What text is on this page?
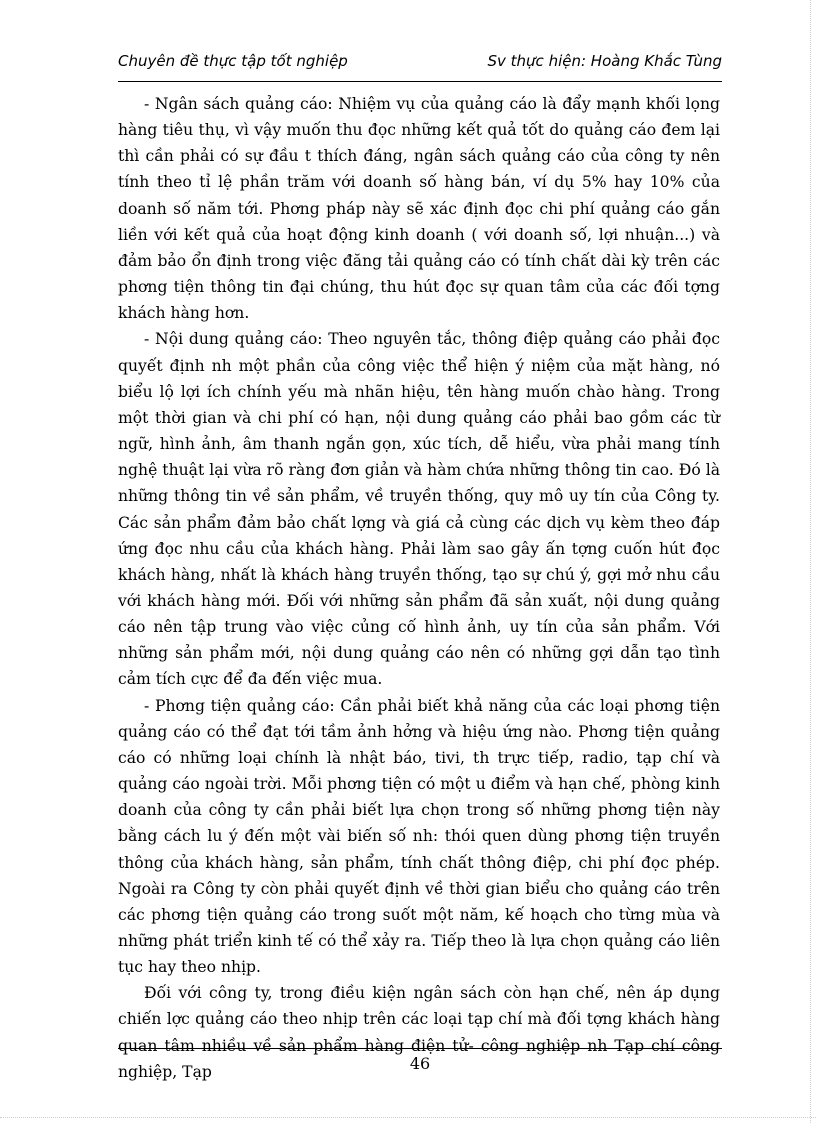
Chuyên đề thực tập tốt nghiệp	Sv thực hiện: Hoàng Khắc Tùng

- Ngân sách quảng cáo: Nhiệm vụ của quảng cáo là đẩy mạnh khối lọng hàng tiêu thụ, vì vậy muốn thu đọc những kết quả tốt do quảng cáo đem lại thì cần phải có sự đầu t thích đáng, ngân sách quảng cáo của công ty nên tính theo tỉ lệ phần trăm với doanh số hàng bán, ví dụ 5% hay 10% của doanh số năm tới. Phơng pháp này sẽ xác định đọc chi phí quảng cáo gắn liền với kết quả của hoạt động kinh doanh ( với doanh số, lợi nhuận...) và đảm bảo ổn định trong việc đăng tải quảng cáo có tính chất dài kỳ trên các phơng tiện thông tin đại chúng, thu hút đọc sự quan tâm của các đối tợng khách hàng hơn.

- Nội dung quảng cáo: Theo nguyên tắc, thông điệp quảng cáo phải đọc quyết định nh một phần của công việc thể hiện ý niệm của mặt hàng, nó biểu lộ lợi ích chính yếu mà nhãn hiệu, tên hàng muốn chào hàng. Trong một thời gian và chi phí có hạn, nội dung quảng cáo phải bao gồm các từ ngữ, hình ảnh, âm thanh ngắn gọn, xúc tích, dễ hiểu, vừa phải mang tính nghệ thuật lại vừa rõ ràng đơn giản và hàm chứa những thông tin cao. Đó là những thông tin về sản phẩm, về truyền thống, quy mô uy tín của Công ty. Các sản phẩm đảm bảo chất lợng và giá cả cùng các dịch vụ kèm theo đáp ứng đọc nhu cầu của khách hàng. Phải làm sao gây ấn tợng cuốn hút đọc khách hàng, nhất là khách hàng truyền thống, tạo sự chú ý, gợi mở nhu cầu với khách hàng mới. Đối với những sản phẩm đã sản xuất, nội dung quảng cáo nên tập trung vào việc củng cố hình ảnh, uy tín của sản phẩm. Với những sản phẩm mới, nội dung quảng cáo nên có những gợi dẫn tạo tình cảm tích cực để đa đến việc mua.

- Phơng tiện quảng cáo: Cần phải biết khả năng của các loại phơng tiện quảng cáo có thể đạt tới tầm ảnh hởng và hiệu ứng nào. Phơng tiện quảng cáo có những loại chính là nhật báo, tivi, th trực tiếp, radio, tạp chí và quảng cáo ngoài trời. Mỗi phơng tiện có một u điểm và hạn chế, phòng kinh doanh của công ty cần phải biết lựa chọn trong số những phơng tiện này bằng cách lu ý đến một vài biến số nh: thói quen dùng phơng tiện truyền thông của khách hàng, sản phẩm, tính chất thông điệp, chi phí đọc phép. Ngoài ra Công ty còn phải quyết định về thời gian biểu cho quảng cáo trên các phơng tiện quảng cáo trong suốt một năm, kế hoạch cho từng mùa và những phát triển kinh tế có thể xảy ra. Tiếp theo là lựa chọn quảng cáo liên tục hay theo nhịp.

Đối với công ty, trong điều kiện ngân sách còn hạn chế, nên áp dụng chiến lợc quảng cáo theo nhịp trên các loại tạp chí mà đối tợng khách hàng quan tâm nhiều về sản phẩm hàng điện tử- công nghiệp nh Tạp chí công nghiệp, Tạp	46
